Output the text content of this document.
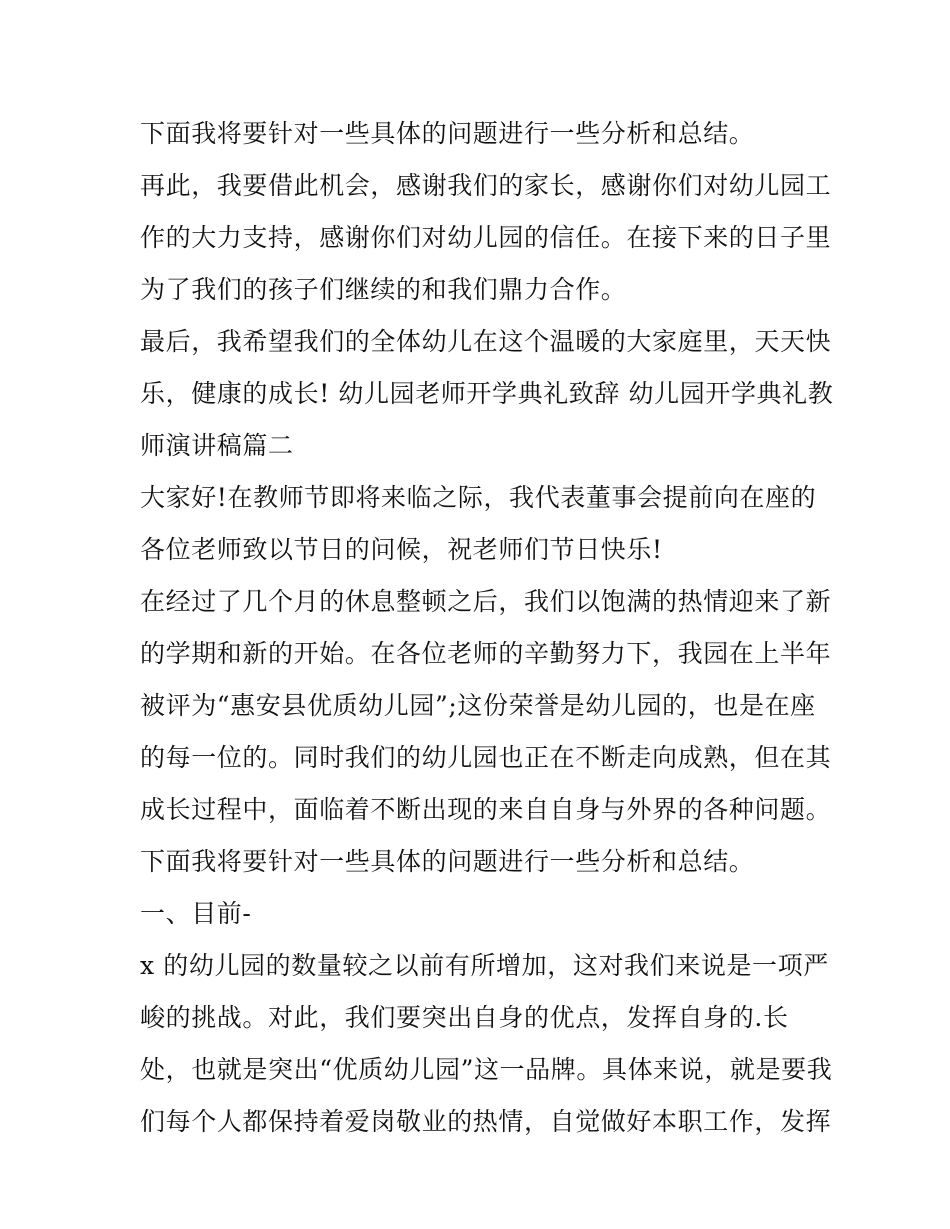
下面我将要针对一些具体的问题进行一些分析和总结。
再此，我要借此机会，感谢我们的家长，感谢你们对幼儿园工
作的大力支持，感谢你们对幼儿园的信任。在接下来的日子里
为了我们的孩子们继续的和我们鼎力合作。
最后，我希望我们的全体幼儿在这个温暖的大家庭里，天天快
乐，健康的成长! 幼儿园老师开学典礼致辞 幼儿园开学典礼教
师演讲稿篇二
大家好!在教师节即将来临之际，我代表董事会提前向在座的
各位老师致以节日的问候，祝老师们节日快乐!
在经过了几个月的休息整顿之后，我们以饱满的热情迎来了新
的学期和新的开始。在各位老师的辛勤努力下，我园在上半年
被评为“惠安县优质幼儿园”;这份荣誉是幼儿园的，也是在座
的每一位的。同时我们的幼儿园也正在不断走向成熟，但在其
成长过程中，面临着不断出现的来自自身与外界的各种问题。
下面我将要针对一些具体的问题进行一些分析和总结。
一、目前-
x 的幼儿园的数量较之以前有所增加，这对我们来说是一项严
峻的挑战。对此，我们要突出自身的优点，发挥自身的.长
处，也就是突出“优质幼儿园”这一品牌。具体来说，就是要我
们每个人都保持着爱岗敬业的热情，自觉做好本职工作，发挥
